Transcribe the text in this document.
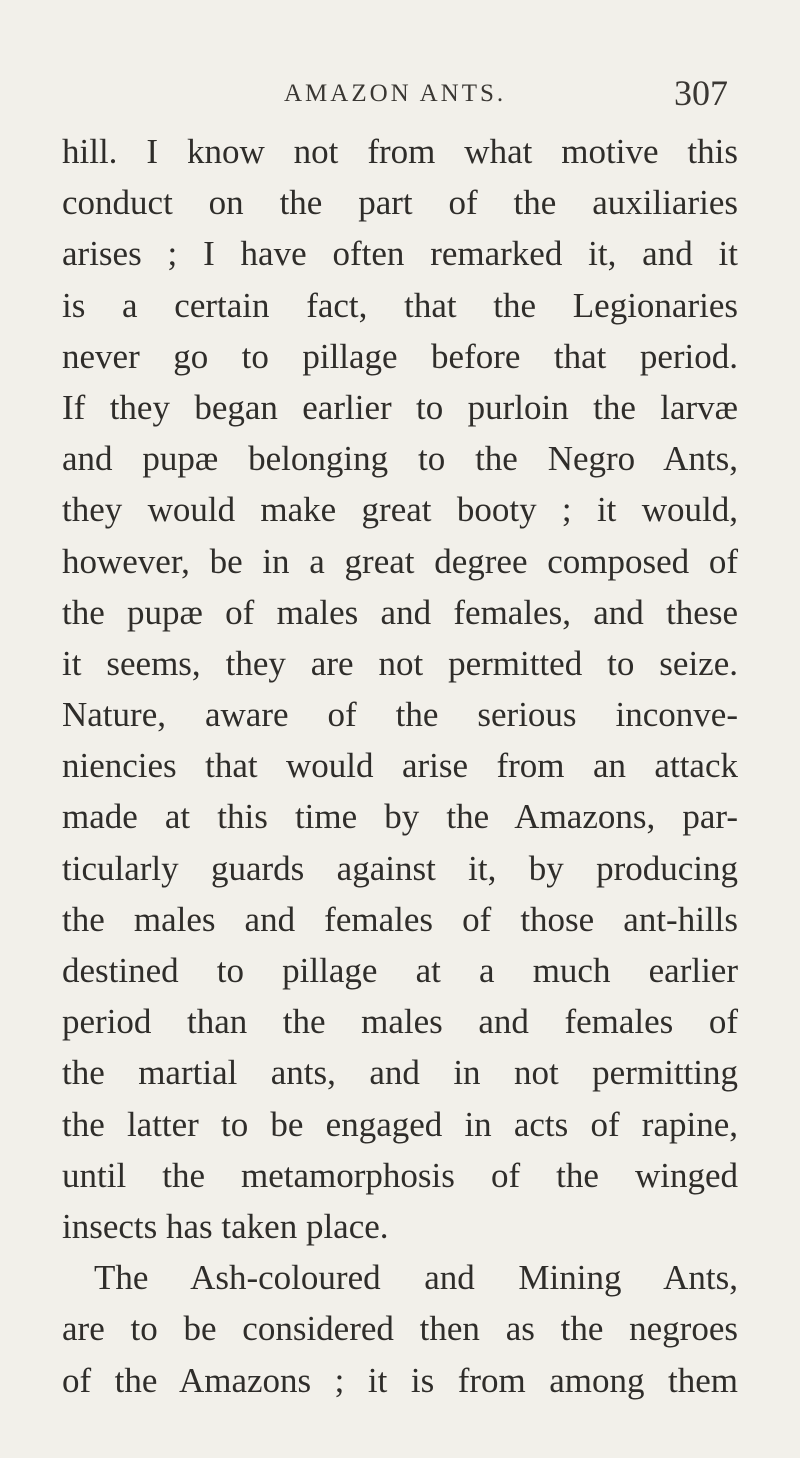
AMAZON ANTS.	307
hill. I know not from what motive this
conduct on the part of the auxiliaries
arises ; I have often remarked it, and it
is a certain fact, that the Legionaries
never go to pillage before that period.
If they began earlier to purloin the larvæ
and pupæ belonging to the Negro Ants,
they would make great booty ; it would,
however, be in a great degree composed of
the pupæ of males and females, and these
it seems, they are not permitted to seize.
Nature, aware of the serious inconve-
niencies that would arise from an attack
made at this time by the Amazons, par-
ticularly guards against it, by producing
the males and females of those ant-hills
destined to pillage at a much earlier
period than the males and females of
the martial ants, and in not permitting
the latter to be engaged in acts of rapine,
until the metamorphosis of the winged
insects has taken place.
The Ash-coloured and Mining Ants,
are to be considered then as the negroes
of the Amazons ; it is from among them
